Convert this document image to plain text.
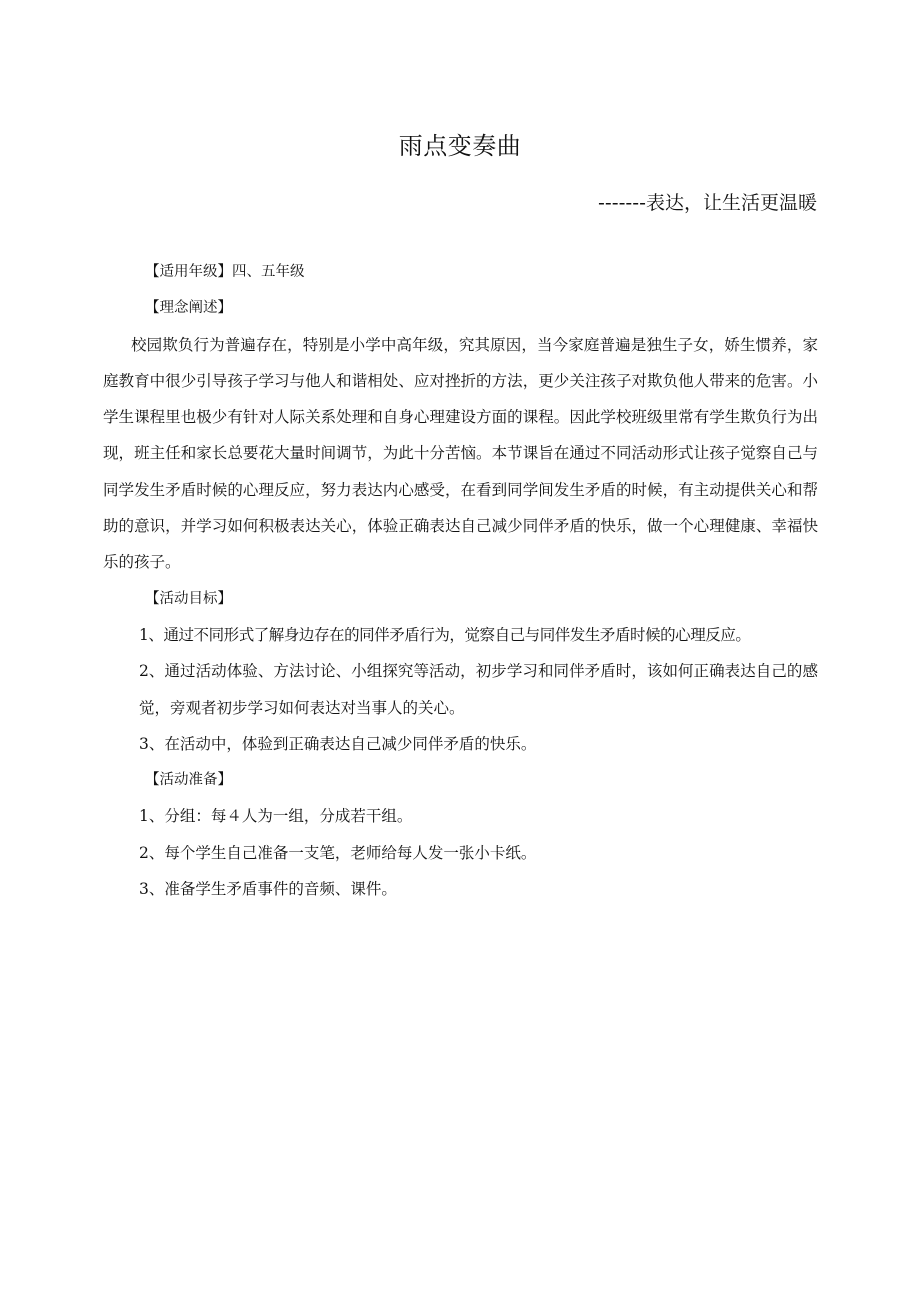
雨点变奏曲
-------表达，让生活更温暖

【适用年级】四、五年级

【理念阐述】

校园欺负行为普遍存在，特别是小学中高年级，究其原因，当今家庭普遍是独生子女，娇生惯养，家庭教育中很少引导孩子学习与他人和谐相处、应对挫折的方法，更少关注孩子对欺负他人带来的危害。小学生课程里也极少有针对人际关系处理和自身心理建设方面的课程。因此学校班级里常有学生欺负行为出现，班主任和家长总要花大量时间调节，为此十分苦恼。本节课旨在通过不同活动形式让孩子觉察自己与同学发生矛盾时候的心理反应，努力表达内心感受，在看到同学间发生矛盾的时候，有主动提供关心和帮助的意识，并学习如何积极表达关心，体验正确表达自己减少同伴矛盾的快乐，做一个心理健康、幸福快乐的孩子。

【活动目标】

1、通过不同形式了解身边存在的同伴矛盾行为，觉察自己与同伴发生矛盾时候的心理反应。

2、通过活动体验、方法讨论、小组探究等活动，初步学习和同伴矛盾时，该如何正确表达自己的感觉，旁观者初步学习如何表达对当事人的关心。

3、在活动中，体验到正确表达自己减少同伴矛盾的快乐。

【活动准备】

1、分组：每４人为一组，分成若干组。

2、每个学生自己准备一支笔，老师给每人发一张小卡纸。

3、准备学生矛盾事件的音频、课件。
